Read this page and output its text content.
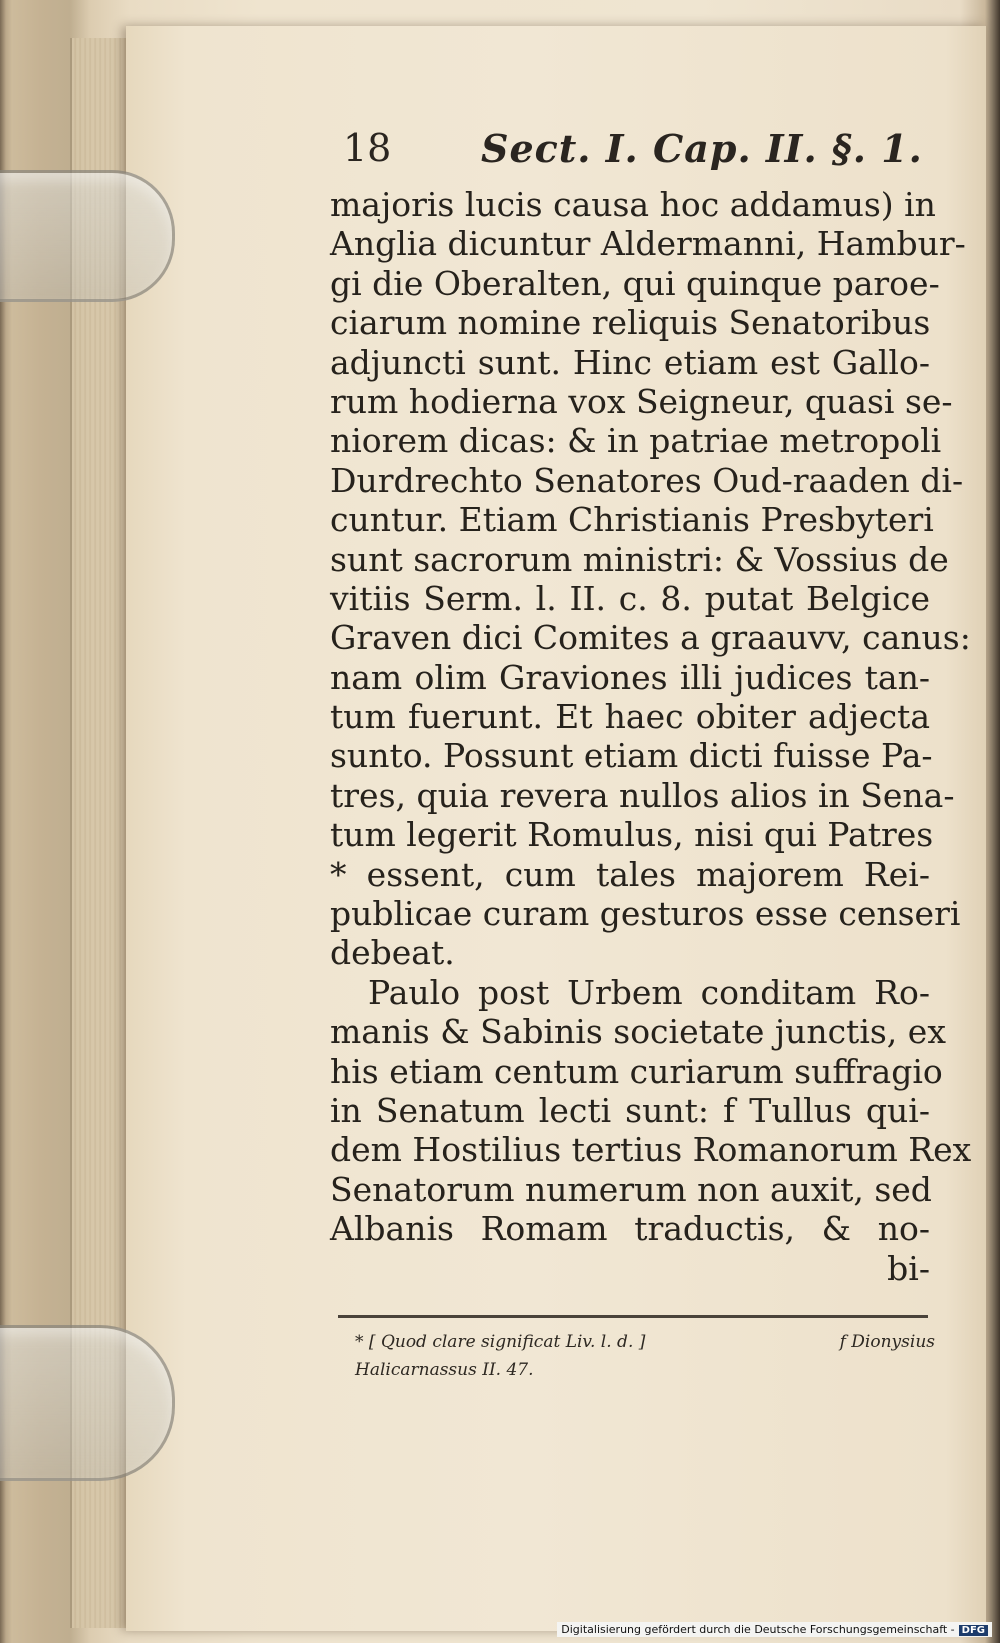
18 Sect. I. Cap. II. §. 1.
majoris lucis causa hoc addamus) in
Anglia dicuntur Aldermanni, Hambur-
gi die Oberalten, qui quinque paroe-
ciarum nomine reliquis Senatoribus
adjuncti sunt. Hinc etiam est Gallo-
rum hodierna vox Seigneur, quasi se-
niorem dicas: & in patriae metropoli
Durdrechto Senatores Oud-raaden di-
cuntur. Etiam Christianis Presbyteri
sunt sacrorum ministri: & Vossius de
vitiis Serm. l. II. c. 8. putat Belgice
Graven dici Comites a graauvv, canus:
nam olim Graviones illi judices tan-
tum fuerunt. Et haec obiter adjecta
sunto. Possunt etiam dicti fuisse Pa-
tres, quia revera nullos alios in Sena-
tum legerit Romulus, nisi qui Patres
* essent, cum tales majorem Rei-
publicae curam gesturos esse censeri
debeat.
Paulo post Urbem conditam Ro-
manis & Sabinis societate junctis, ex
his etiam centum curiarum suffragio
in Senatum lecti sunt: f Tullus qui-
dem Hostilius tertius Romanorum Rex
Senatorum numerum non auxit, sed
Albanis Romam traductis, & no-
bi-
* [ Quod clare significat Liv. l. d. ]	f Dionysius
Halicarnassus II. 47.
Digitalisierung gefördert durch die Deutsche Forschungsgemeinschaft - DFG
